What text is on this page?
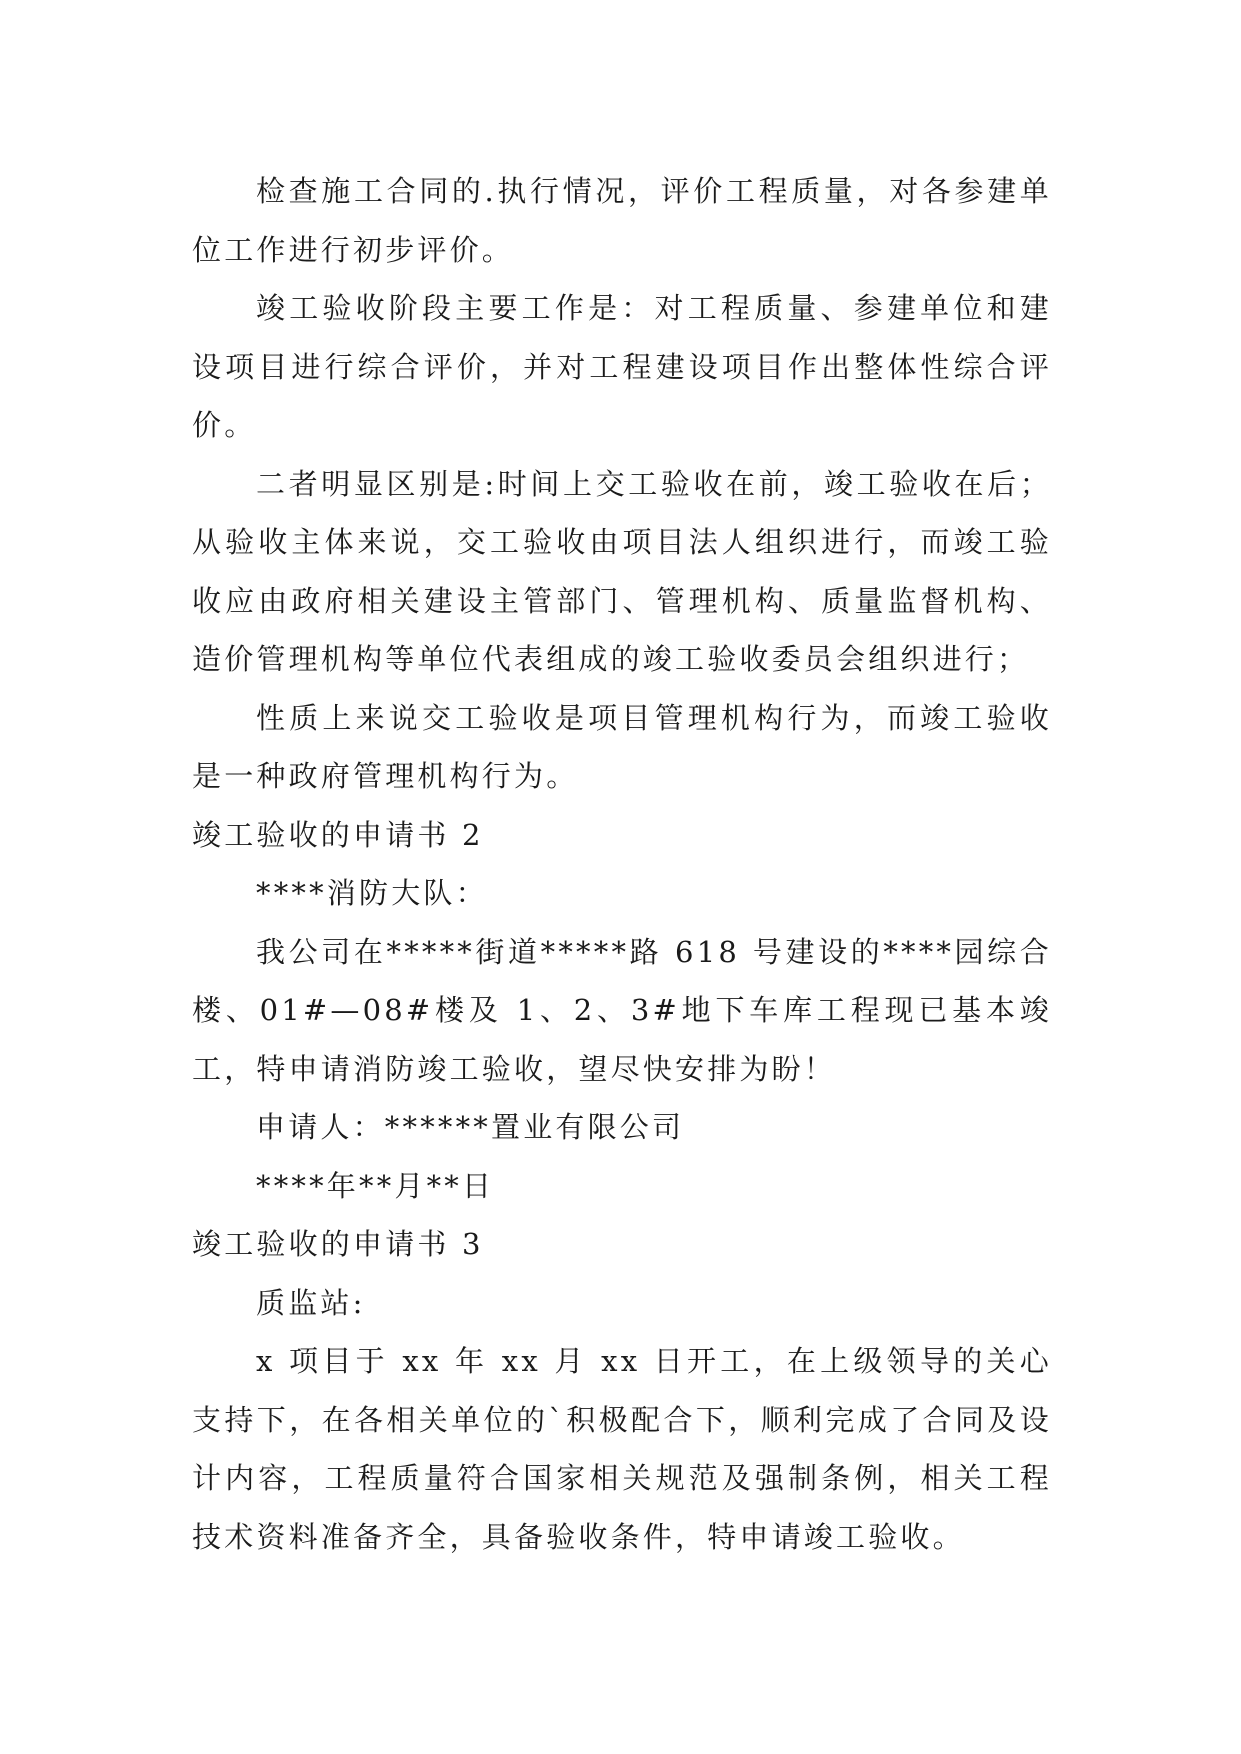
检查施工合同的.执行情况，评价工程质量，对各参建单位工作进行初步评价。

竣工验收阶段主要工作是：对工程质量、参建单位和建设项目进行综合评价，并对工程建设项目作出整体性综合评价。

二者明显区别是:时间上交工验收在前，竣工验收在后；从验收主体来说，交工验收由项目法人组织进行，而竣工验收应由政府相关建设主管部门、管理机构、质量监督机构、造价管理机构等单位代表组成的竣工验收委员会组织进行；

性质上来说交工验收是项目管理机构行为，而竣工验收是一种政府管理机构行为。

竣工验收的申请书 2

****消防大队：

我公司在*****街道*****路 618 号建设的****园综合楼、01#—08#楼及 1、2、3#地下车库工程现已基本竣工，特申请消防竣工验收，望尽快安排为盼！

申请人：******置业有限公司

****年**月**日

竣工验收的申请书 3

质监站:

x 项目于 xx 年 xx 月 xx 日开工，在上级领导的关心支持下，在各相关单位的`积极配合下，顺利完成了合同及设计内容，工程质量符合国家相关规范及强制条例，相关工程技术资料准备齐全，具备验收条件，特申请竣工验收。
